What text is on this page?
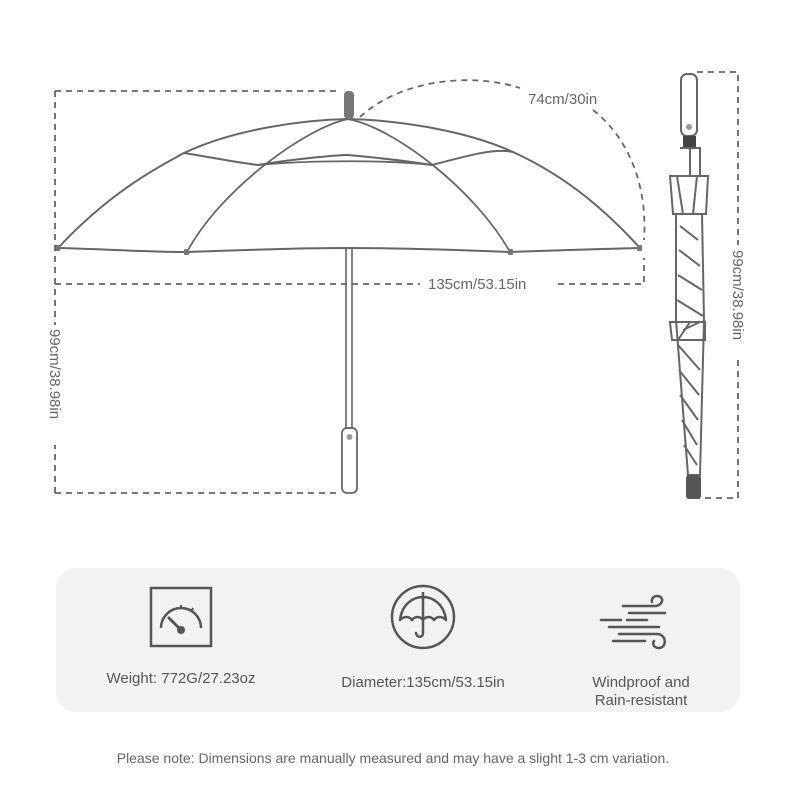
74cm/30in
135cm/53.15in
99cm/38.98in
99cm/38.98in
Weight: 772G/27.23oz	Diameter:135cm/53.15in	Windproof and
Rain-resistant
Please note: Dimensions are manually measured and may have a slight 1-3 cm variation.
